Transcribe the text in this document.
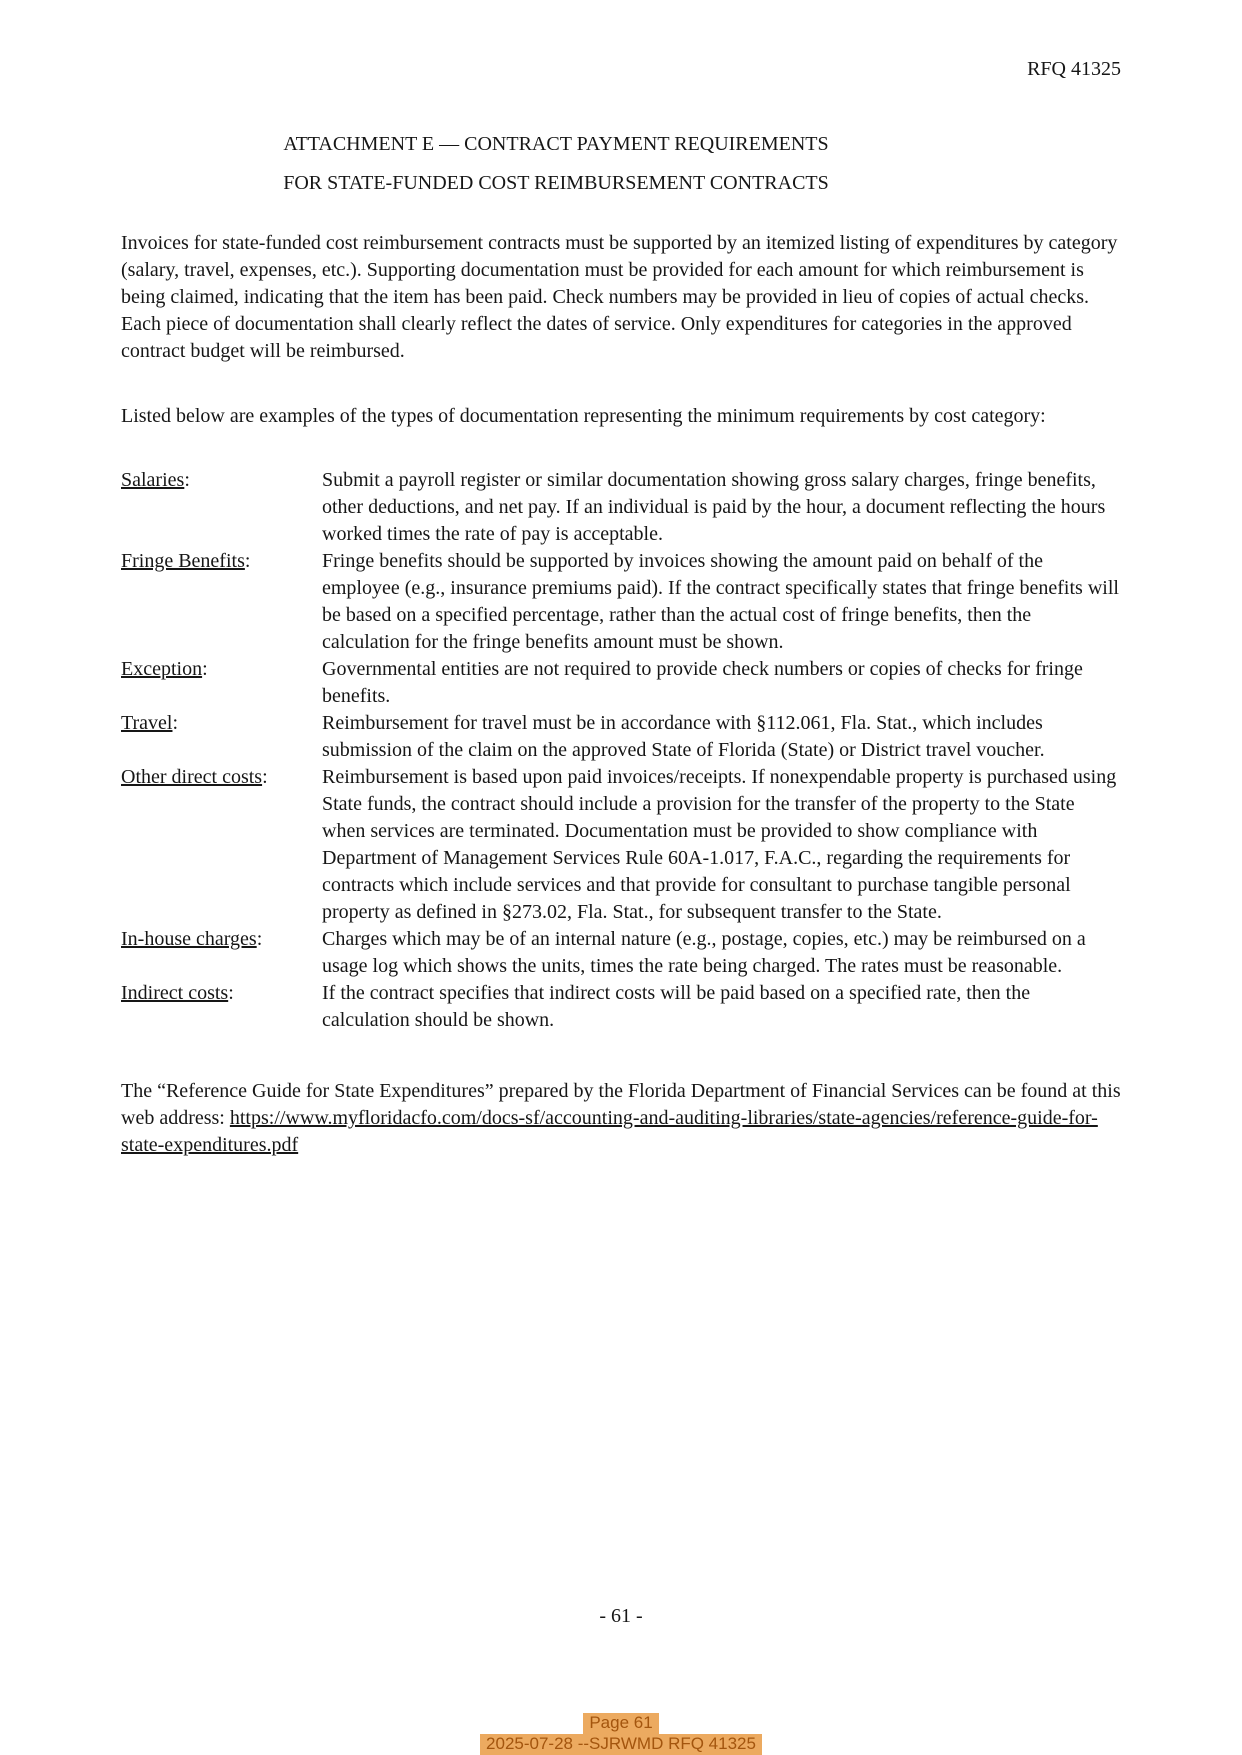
RFQ 41325

ATTACHMENT E — CONTRACT PAYMENT REQUIREMENTS

FOR STATE-FUNDED COST REIMBURSEMENT CONTRACTS

Invoices for state-funded cost reimbursement contracts must be supported by an itemized listing of expenditures by category (salary, travel, expenses, etc.). Supporting documentation must be provided for each amount for which reimbursement is being claimed, indicating that the item has been paid. Check numbers may be provided in lieu of copies of actual checks. Each piece of documentation shall clearly reflect the dates of service. Only expenditures for categories in the approved contract budget will be reimbursed.

Listed below are examples of the types of documentation representing the minimum requirements by cost category:

Salaries:	Submit a payroll register or similar documentation showing gross salary charges, fringe benefits, other deductions, and net pay. If an individual is paid by the hour, a document reflecting the hours worked times the rate of pay is acceptable.
Fringe Benefits:	Fringe benefits should be supported by invoices showing the amount paid on behalf of the employee (e.g., insurance premiums paid). If the contract specifically states that fringe benefits will be based on a specified percentage, rather than the actual cost of fringe benefits, then the calculation for the fringe benefits amount must be shown.
Exception:	Governmental entities are not required to provide check numbers or copies of checks for fringe benefits.
Travel:	Reimbursement for travel must be in accordance with §112.061, Fla. Stat., which includes submission of the claim on the approved State of Florida (State) or District travel voucher.
Other direct costs:	Reimbursement is based upon paid invoices/receipts. If nonexpendable property is purchased using State funds, the contract should include a provision for the transfer of the property to the State when services are terminated. Documentation must be provided to show compliance with Department of Management Services Rule 60A-1.017, F.A.C., regarding the requirements for contracts which include services and that provide for consultant to purchase tangible personal property as defined in §273.02, Fla. Stat., for subsequent transfer to the State.
In-house charges:	Charges which may be of an internal nature (e.g., postage, copies, etc.) may be reimbursed on a usage log which shows the units, times the rate being charged. The rates must be reasonable.
Indirect costs:	If the contract specifies that indirect costs will be paid based on a specified rate, then the calculation should be shown.

The “Reference Guide for State Expenditures” prepared by the Florida Department of Financial Services can be found at this web address: https://www.myfloridacfo.com/docs-sf/accounting-and-auditing-libraries/state-agencies/reference-guide-for-state-expenditures.pdf

- 61 -

Page 61

2025-07-28 --SJRWMD RFQ 41325
